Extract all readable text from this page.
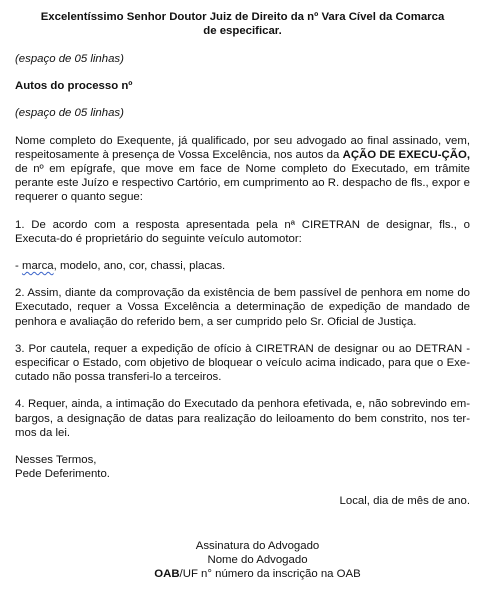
Excelentíssimo Senhor Doutor Juiz de Direito da nº Vara Cível da Comarca
de especificar.

(espaço de 05 linhas)

Autos do processo nº

(espaço de 05 linhas)

Nome completo do Exequente, já qualificado, por seu advogado ao final assinado, vem, respeitosamente à presença de Vossa Excelência, nos autos da AÇÃO DE EXECU-ÇÃO, de nº em epígrafe, que move em face de Nome completo do Executado, em trâmite perante este Juízo e respectivo Cartório, em cumprimento ao R. despacho de fls., expor e requerer o quanto segue:

1. De acordo com a resposta apresentada pela nª CIRETRAN de designar, fls., o Executa-do é proprietário do seguinte veículo automotor:

- marca, modelo, ano, cor, chassi, placas.

2. Assim, diante da comprovação da existência de bem passível de penhora em nome do Executado, requer a Vossa Excelência a determinação de expedição de mandado de penhora e avaliação do referido bem, a ser cumprido pelo Sr. Oficial de Justiça.

3. Por cautela, requer a expedição de ofício à CIRETRAN de designar ou ao DETRAN - especificar o Estado, com objetivo de bloquear o veículo acima indicado, para que o Exe-cutado não possa transferi-lo a terceiros.

4. Requer, ainda, a intimação do Executado da penhora efetivada, e, não sobrevindo em-bargos, a designação de datas para realização do leiloamento do bem constrito, nos ter-mos da lei.

Nesses Termos,
Pede Deferimento.

Local, dia de mês de ano.

Assinatura do Advogado
Nome do Advogado
OAB/UF n° número da inscrição na OAB
